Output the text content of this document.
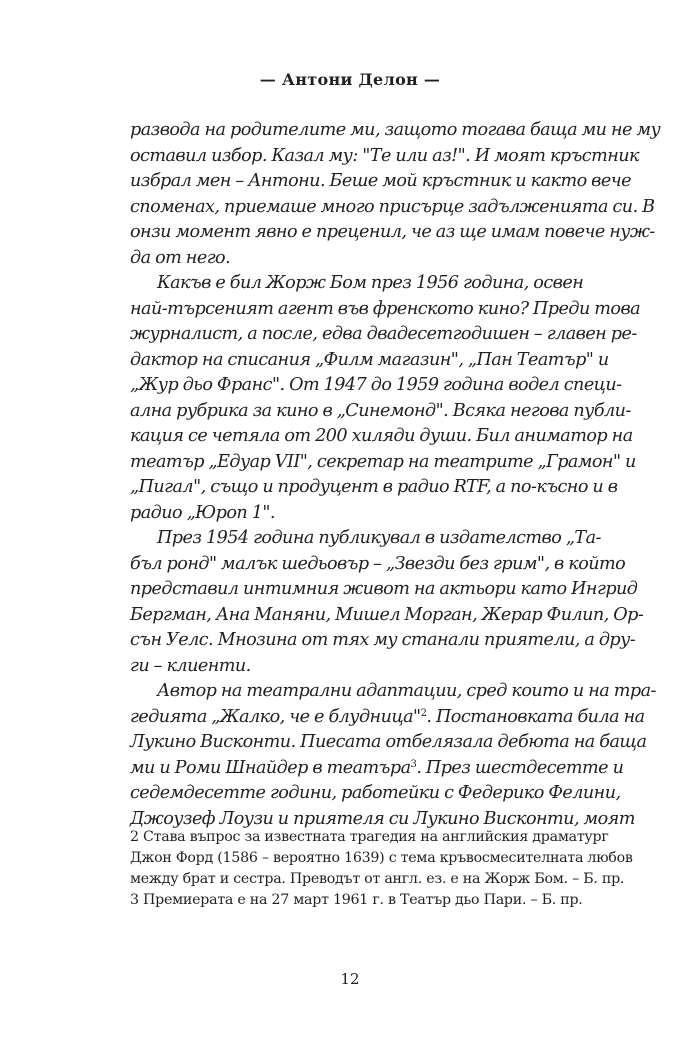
— Антони Делон —
развода на родителите ми, защото тогава баща ми не му
оставил избор. Казал му: "Те или аз!". И моят кръстник
избрал мен – Антони. Беше мой кръстник и както вече
споменах, приемаше много присърце задълженията си. В
онзи момент явно е преценил, че аз ще имам повече нуж-
да от него.
Какъв е бил Жорж Бом през 1956 година, освен
най-търсеният агент във френското кино? Преди това
журналист, а после, едва двадесетгодишен – главен ре-
дактор на списания „Филм магазин", „Пан Театър" и
„Жур дьо Франс". От 1947 до 1959 година водел специ-
ална рубрика за кино в „Синемонд". Всяка негова публи-
кация се четяла от 200 хиляди души. Бил аниматор на
театър „Едуар VII", секретар на театрите „Грамон" и
„Пигал", също и продуцент в радио RTF, а по-късно и в
радио „Юроп 1".
През 1954 година публикувал в издателство „Та-
бъл ронд" малък шедьовър – „Звезди без грим", в който
представил интимния живот на актьори като Ингрид
Бергман, Ана Маняни, Мишел Морган, Жерар Филип, Ор-
сън Уелс. Мнозина от тях му станали приятели, а дру-
ги – клиенти.
Автор на театрални адаптации, сред които и на тра-
гедията „Жалко, че е блудница"$^2$. Постановката била на
Лукино Висконти. Пиесата отбелязала дебюта на баща
ми и Роми Шнайдер в театъра$^3$. През шестдесетте и
седемдесетте години, работейки с Федерико Фелини,
Джоузеф Лоузи и приятеля си Лукино Висконти, моят
2 Става въпрос за известната трагедия на английския драматург
Джон Форд (1586 – вероятно 1639) с тема кръвосмесителната любов
между брат и сестра. Преводът от англ. ез. е на Жорж Бом. – Б. пр.
3 Премиерата е на 27 март 1961 г. в Театър дьо Пари. – Б. пр.
12
